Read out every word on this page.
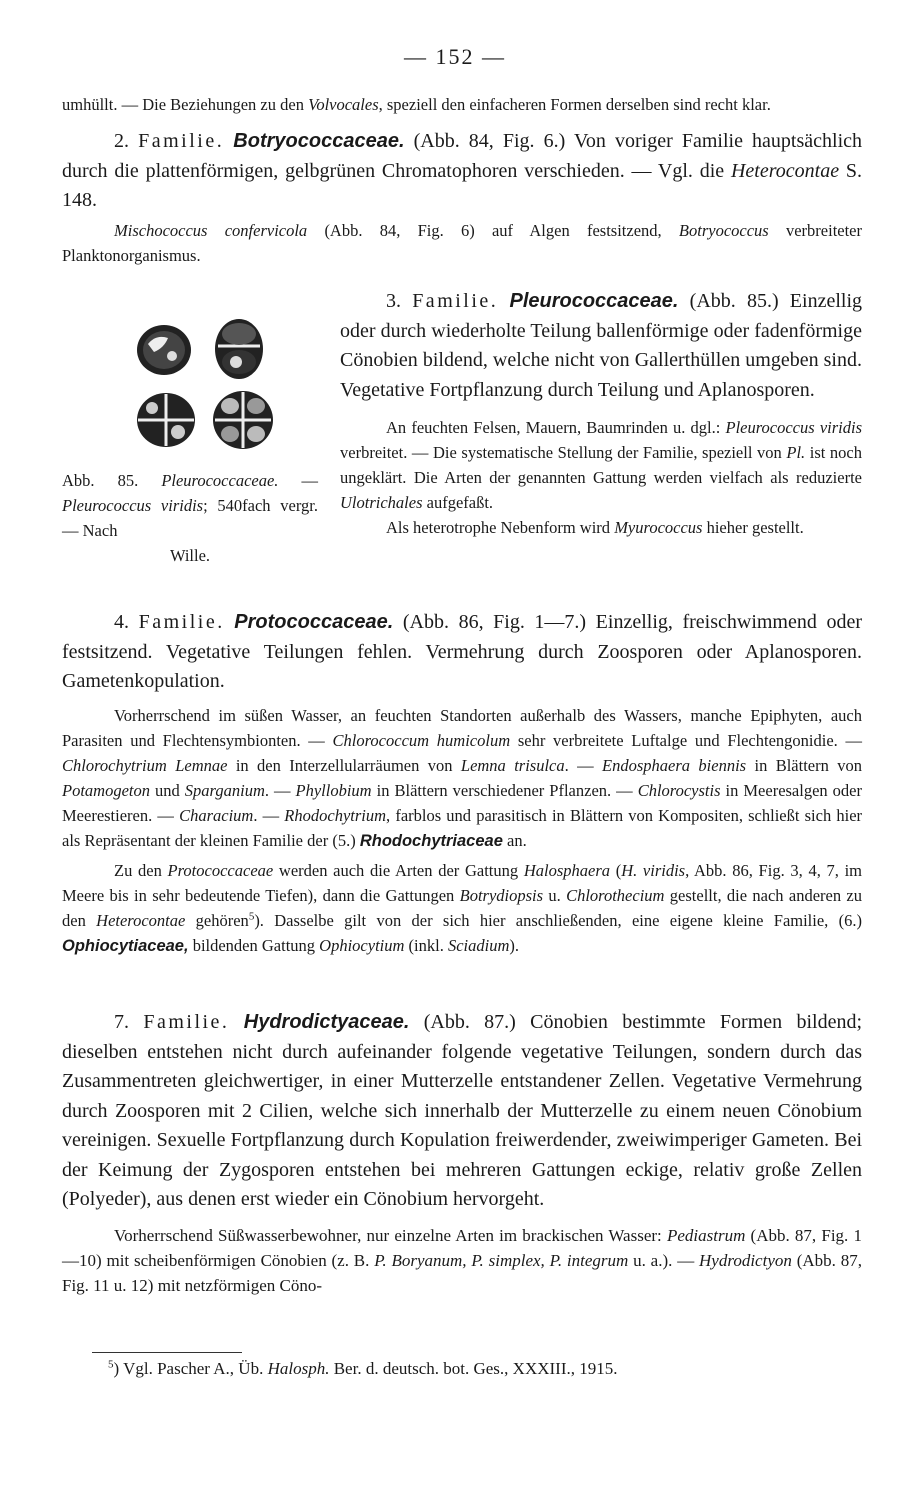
— 152 —

umhüllt. — Die Beziehungen zu den Volvocales, speziell den einfacheren Formen derselben sind recht klar.

2. Familie. Botryococcaceae. (Abb. 84, Fig. 6.) Von voriger Familie hauptsächlich durch die plattenförmigen, gelbgrünen Chromatophoren verschieden. — Vgl. die Heterocontae S. 148.

Mischococcus confervicola (Abb. 84, Fig. 6) auf Algen festsitzend, Botryococcus verbreiteter Planktonorganismus.

Abb. 85. Pleurococcaceae. — Pleurococcus viridis; 540fach vergr. — Nach
Wille.

3. Familie. Pleurococcaceae. (Abb. 85.) Einzellig oder durch wiederholte Teilung ballenförmige oder fadenförmige Cönobien bildend, welche nicht von Gallerthüllen umgeben sind. Vegetative Fortpflanzung durch Teilung und Aplanosporen.

An feuchten Felsen, Mauern, Baumrinden u. dgl.: Pleurococcus viridis verbreitet. — Die systematische Stellung der Familie, speziell von Pl. ist noch ungeklärt. Die Arten der genannten Gattung werden vielfach als reduzierte Ulotrichales aufgefaßt.

Als heterotrophe Nebenform wird Myurococcus hieher gestellt.

4. Familie. Protococcaceae. (Abb. 86, Fig. 1—7.) Einzellig, freischwimmend oder festsitzend. Vegetative Teilungen fehlen. Vermehrung durch Zoosporen oder Aplanosporen. Gametenkopulation.

Vorherrschend im süßen Wasser, an feuchten Standorten außerhalb des Wassers, manche Epiphyten, auch Parasiten und Flechtensymbionten. — Chlorococcum humicolum sehr verbreitete Luftalge und Flechtengonidie. — Chlorochytrium Lemnae in den Interzellularräumen von Lemna trisulca. — Endosphaera biennis in Blättern von Potamogeton und Sparganium. — Phyllobium in Blättern verschiedener Pflanzen. — Chlorocystis in Meeresalgen oder Meerestieren. — Characium. — Rhodochytrium, farblos und parasitisch in Blättern von Kompositen, schließt sich hier als Repräsentant der kleinen Familie der (5.) Rhodochytriaceae an.

Zu den Protococcaceae werden auch die Arten der Gattung Halosphaera (H. viridis, Abb. 86, Fig. 3, 4, 7, im Meere bis in sehr bedeutende Tiefen), dann die Gattungen Botrydiopsis u. Chlorothecium gestellt, die nach anderen zu den Heterocontae gehören$^5$). Dasselbe gilt von der sich hier anschließenden, eine eigene kleine Familie, (6.) Ophiocytiaceae, bildenden Gattung Ophiocytium (inkl. Sciadium).

7. Familie. Hydrodictyaceae. (Abb. 87.) Cönobien bestimmte Formen bildend; dieselben entstehen nicht durch aufeinander folgende vegetative Teilungen, sondern durch das Zusammentreten gleichwertiger, in einer Mutterzelle entstandener Zellen. Vegetative Vermehrung durch Zoosporen mit 2 Cilien, welche sich innerhalb der Mutterzelle zu einem neuen Cönobium vereinigen. Sexuelle Fortpflanzung durch Kopulation freiwerdender, zweiwimperiger Gameten. Bei der Keimung der Zygosporen entstehen bei mehreren Gattungen eckige, relativ große Zellen (Polyeder), aus denen erst wieder ein Cönobium hervorgeht.

Vorherrschend Süßwasserbewohner, nur einzelne Arten im brackischen Wasser: Pediastrum (Abb. 87, Fig. 1—10) mit scheibenförmigen Cönobien (z. B. P. Boryanum, P. simplex, P. integrum u. a.). — Hydrodictyon (Abb. 87, Fig. 11 u. 12) mit netzförmigen Cöno-

$^5$) Vgl. Pascher A., Üb. Halosph. Ber. d. deutsch. bot. Ges., XXXIII., 1915.
